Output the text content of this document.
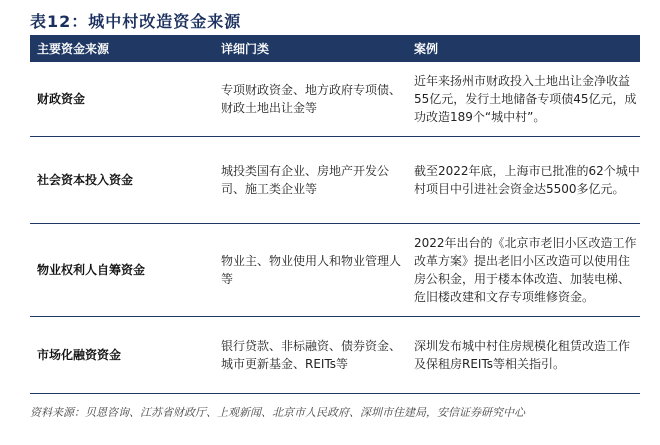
表12：城中村改造资金来源
主要资金来源	详细门类	案例
财政资金
专项财政资金、地方政府专项债、财政土地出让金等
近年来扬州市财政投入土地出让金净收益55亿元，发行土地储备专项债45亿元，成功改造189个“城中村”。
社会资本投入资金
城投类国有企业、房地产开发公司、施工类企业等
截至2022年底，上海市已批准的62个城中村项目中引进社会资金达5500多亿元。
物业权利人自筹资金
物业主、物业使用人和物业管理人等
2022年出台的《北京市老旧小区改造工作改革方案》提出老旧小区改造可以使用住房公积金，用于楼本体改造、加装电梯、危旧楼改建和文存专项维修资金。
市场化融资资金
银行贷款、非标融资、债券资金、城市更新基金、REITs等
深圳发布城中村住房规模化租赁改造工作及保租房REITs等相关指引。
资料来源：贝恩咨询、江苏省财政厅、上观新闻、北京市人民政府、深圳市住建局，安信证券研究中心
